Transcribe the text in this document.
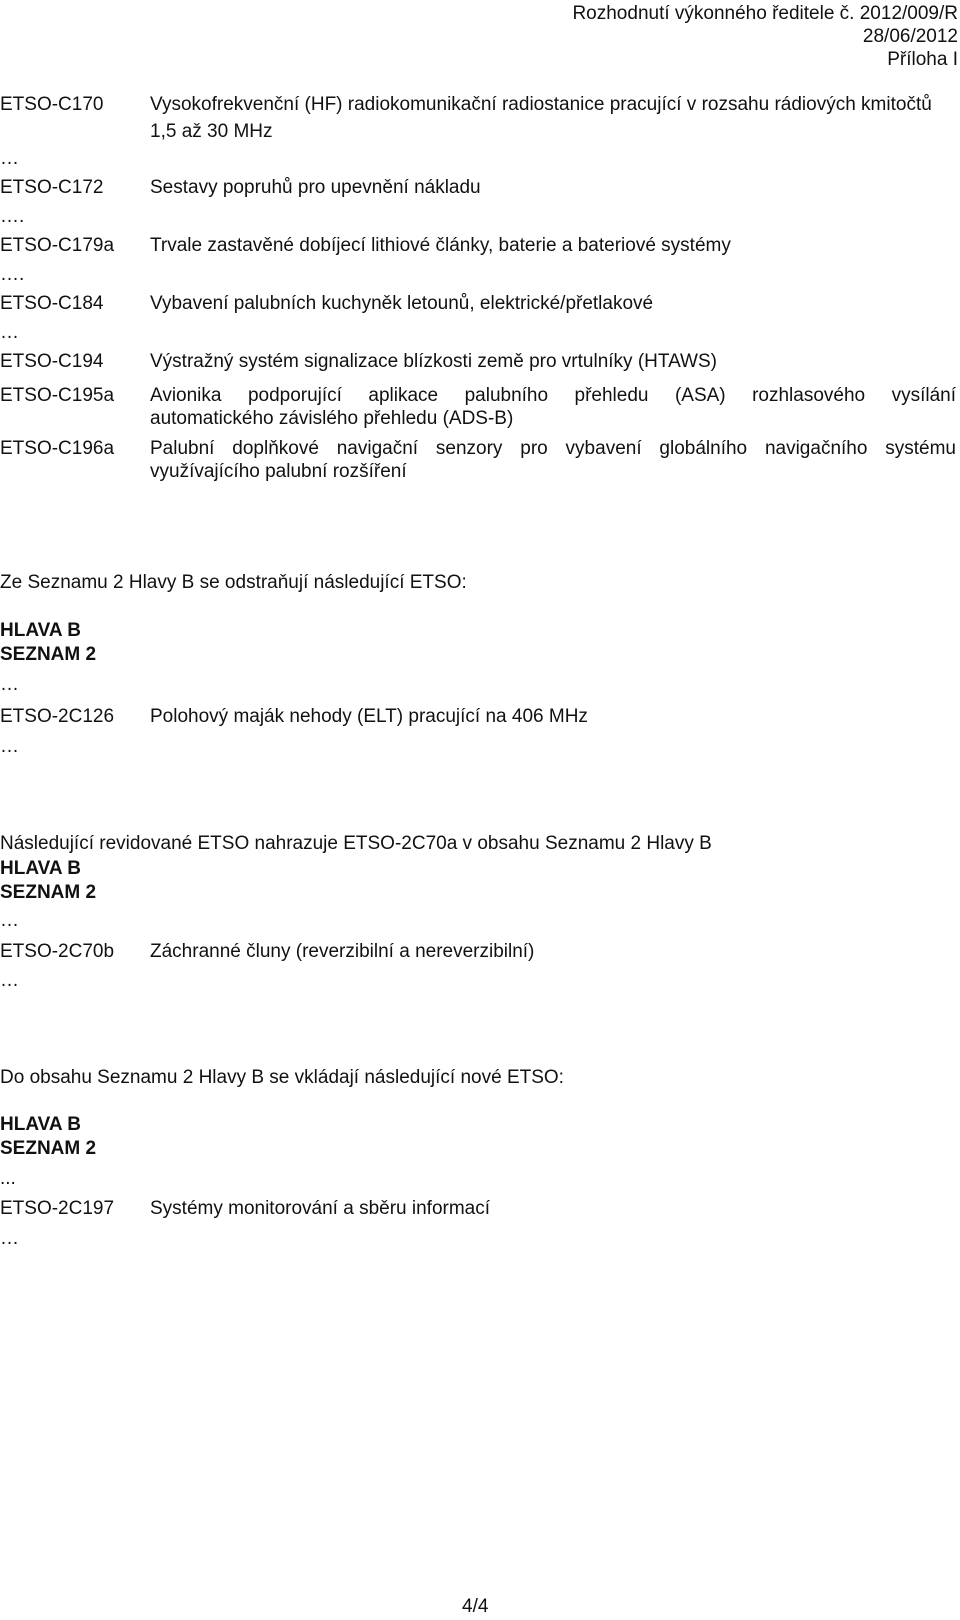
Rozhodnutí výkonného ředitele č. 2012/009/R
28/06/2012
Příloha I
ETSO-C170	Vysokofrekvenční (HF) radiokomunikační radiostanice pracující v rozsahu rádiových kmitočtů 1,5 až 30 MHz
…
ETSO-C172	Sestavy popruhů pro upevnění nákladu
….
ETSO-C179a	Trvale zastavěné dobíjecí lithiové články, baterie a bateriové systémy
….
ETSO-C184	Vybavení palubních kuchyněk letounů, elektrické/přetlakové
…
ETSO-C194	Výstražný systém signalizace blízkosti země pro vrtulníky (HTAWS)
ETSO-C195a	Avionika podporující aplikace palubního přehledu (ASA) rozhlasového vysílání
automatického závislého přehledu (ADS-B)
ETSO-C196a	Palubní doplňkové navigační senzory pro vybavení globálního navigačního systému
využívajícího palubní rozšíření
Ze Seznamu 2 Hlavy B se odstraňují následující ETSO:
HLAVA B
SEZNAM 2
…
ETSO-2C126	Polohový maják nehody (ELT) pracující na 406 MHz
…
Následující revidované ETSO nahrazuje ETSO-2C70a v obsahu Seznamu 2 Hlavy B
HLAVA B
SEZNAM 2
…
ETSO-2C70b	Záchranné čluny (reverzibilní a nereverzibilní)
…
Do obsahu Seznamu 2 Hlavy B se vkládají následující nové ETSO:
HLAVA B
SEZNAM 2
...
ETSO-2C197	Systémy monitorování a sběru informací
…
4/4
